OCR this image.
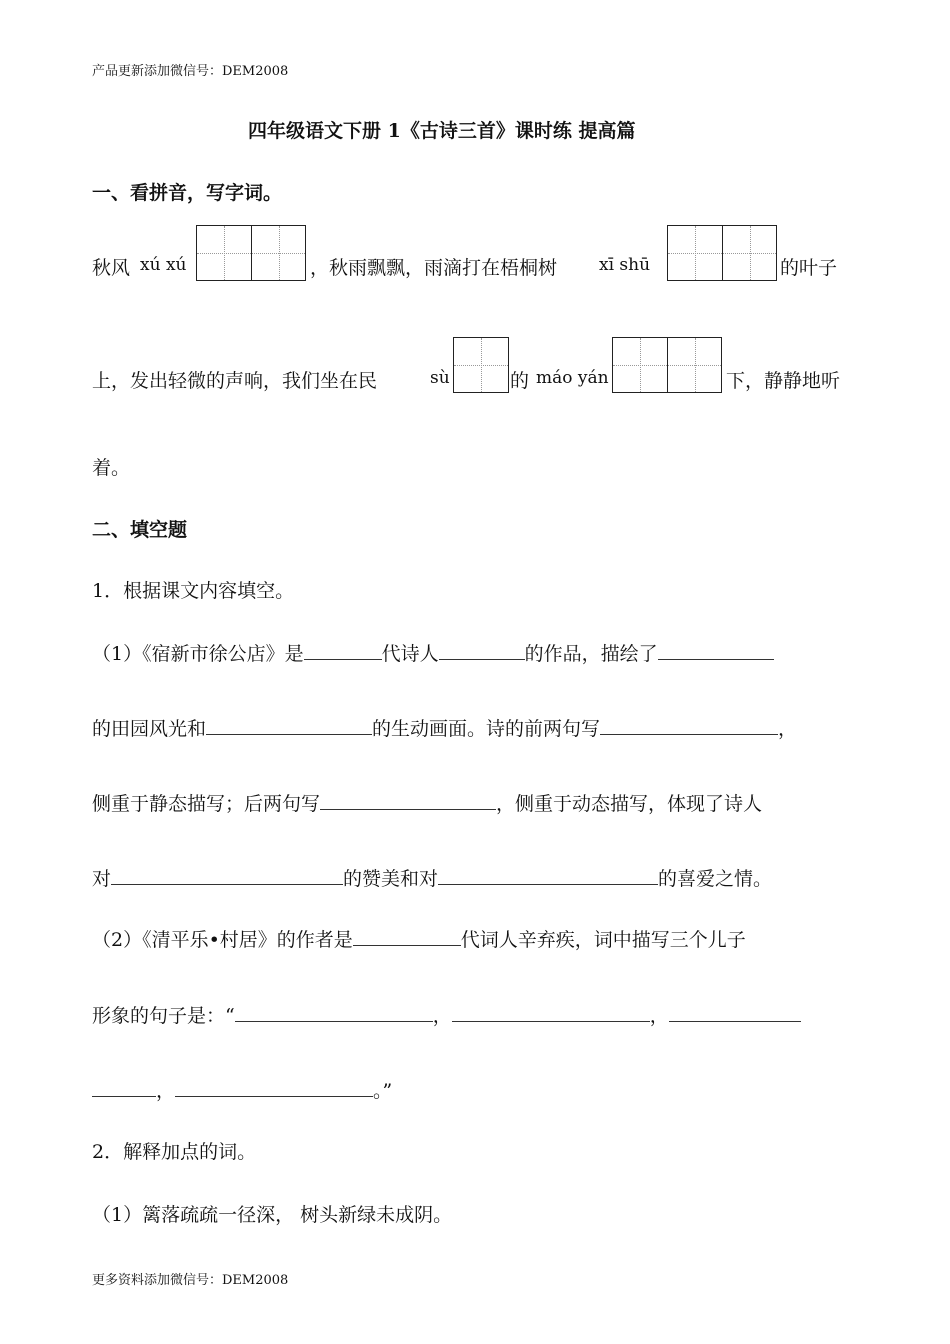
产品更新添加微信号：DEM2008
四年级语文下册 1《古诗三首》课时练 提高篇
一、看拼音，写字词。
秋风 xú xú	，秋雨飘飘，雨滴打在梧桐树 xī shū	的叶子
上，发出轻微的声响，我们坐在民	sù	的 máo yán	下，静静地听
着。
二、填空题
1．根据课文内容填空。
（1）《宿新市徐公店》是	代诗人	的作品，描绘了
的田园风光和	的生动画面。诗的前两句写	，
侧重于静态描写；后两句写	，侧重于动态描写，体现了诗人
对	的赞美和对	的喜爱之情。
（2）《清平乐•村居》的作者是	代词人辛弃疾，词中描写三个儿子
形象的句子是：“	，	，
，	。”
2．解释加点的词。
（1）篱落疏疏一径深， 树头新绿未成阴。
更多资料添加微信号：DEM2008
